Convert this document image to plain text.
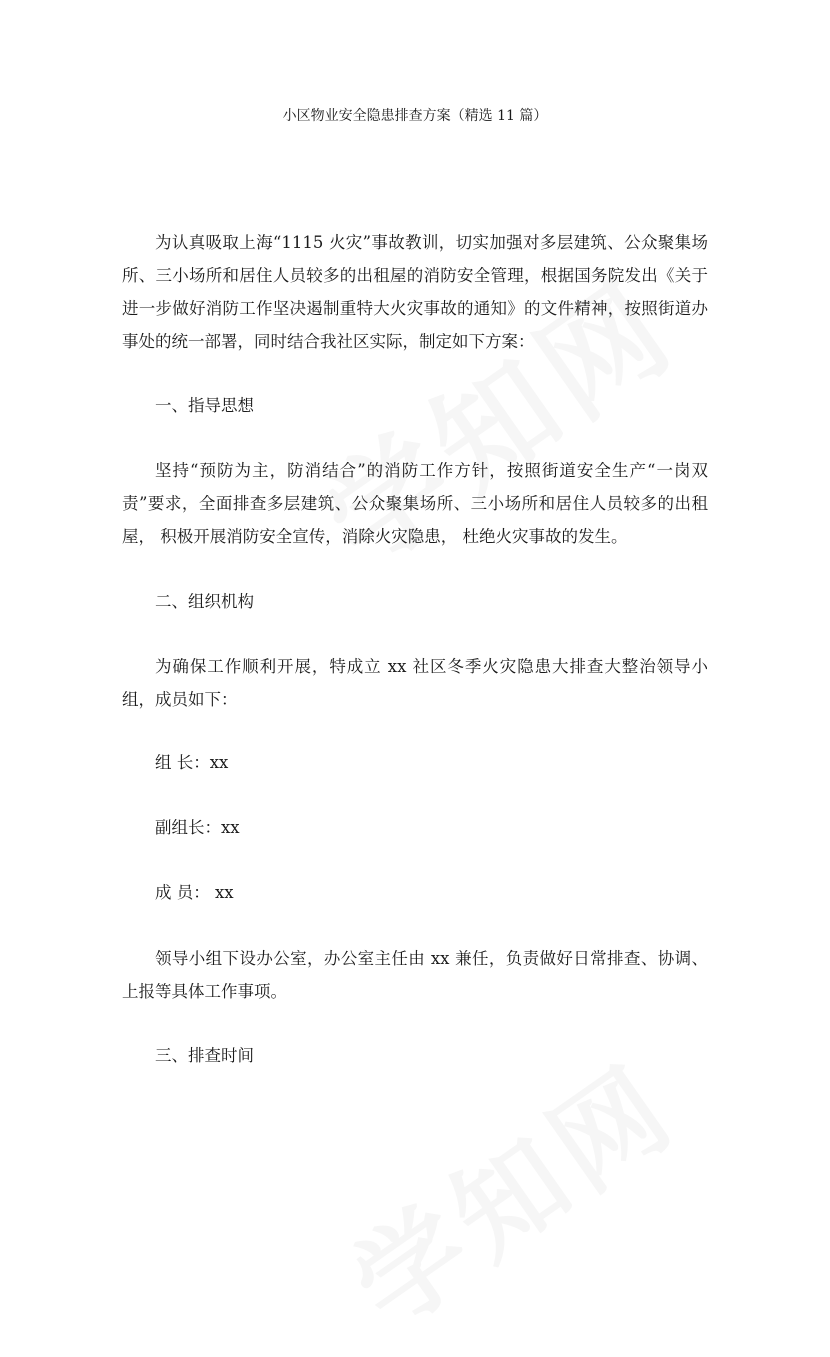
小区物业安全隐患排查方案（精选 11 篇）

为认真吸取上海“1115 火灾”事故教训，切实加强对多层建筑、公众聚集场所、三小场所和居住人员较多的出租屋的消防安全管理，根据国务院发出《关于进一步做好消防工作坚决遏制重特大火灾事故的通知》的文件精神，按照街道办事处的统一部署，同时结合我社区实际，制定如下方案：

一、指导思想

坚持“预防为主，防消结合”的消防工作方针，按照街道安全生产“一岗双责”要求，全面排查多层建筑、公众聚集场所、三小场所和居住人员较多的出租屋， 积极开展消防安全宣传，消除火灾隐患， 杜绝火灾事故的发生。

二、组织机构

为确保工作顺利开展，特成立 xx 社区冬季火灾隐患大排查大整治领导小组，成员如下：

组 长：xx

副组长：xx

成 员： xx

领导小组下设办公室，办公室主任由 xx 兼任，负责做好日常排查、协调、上报等具体工作事项。

三、排查时间
